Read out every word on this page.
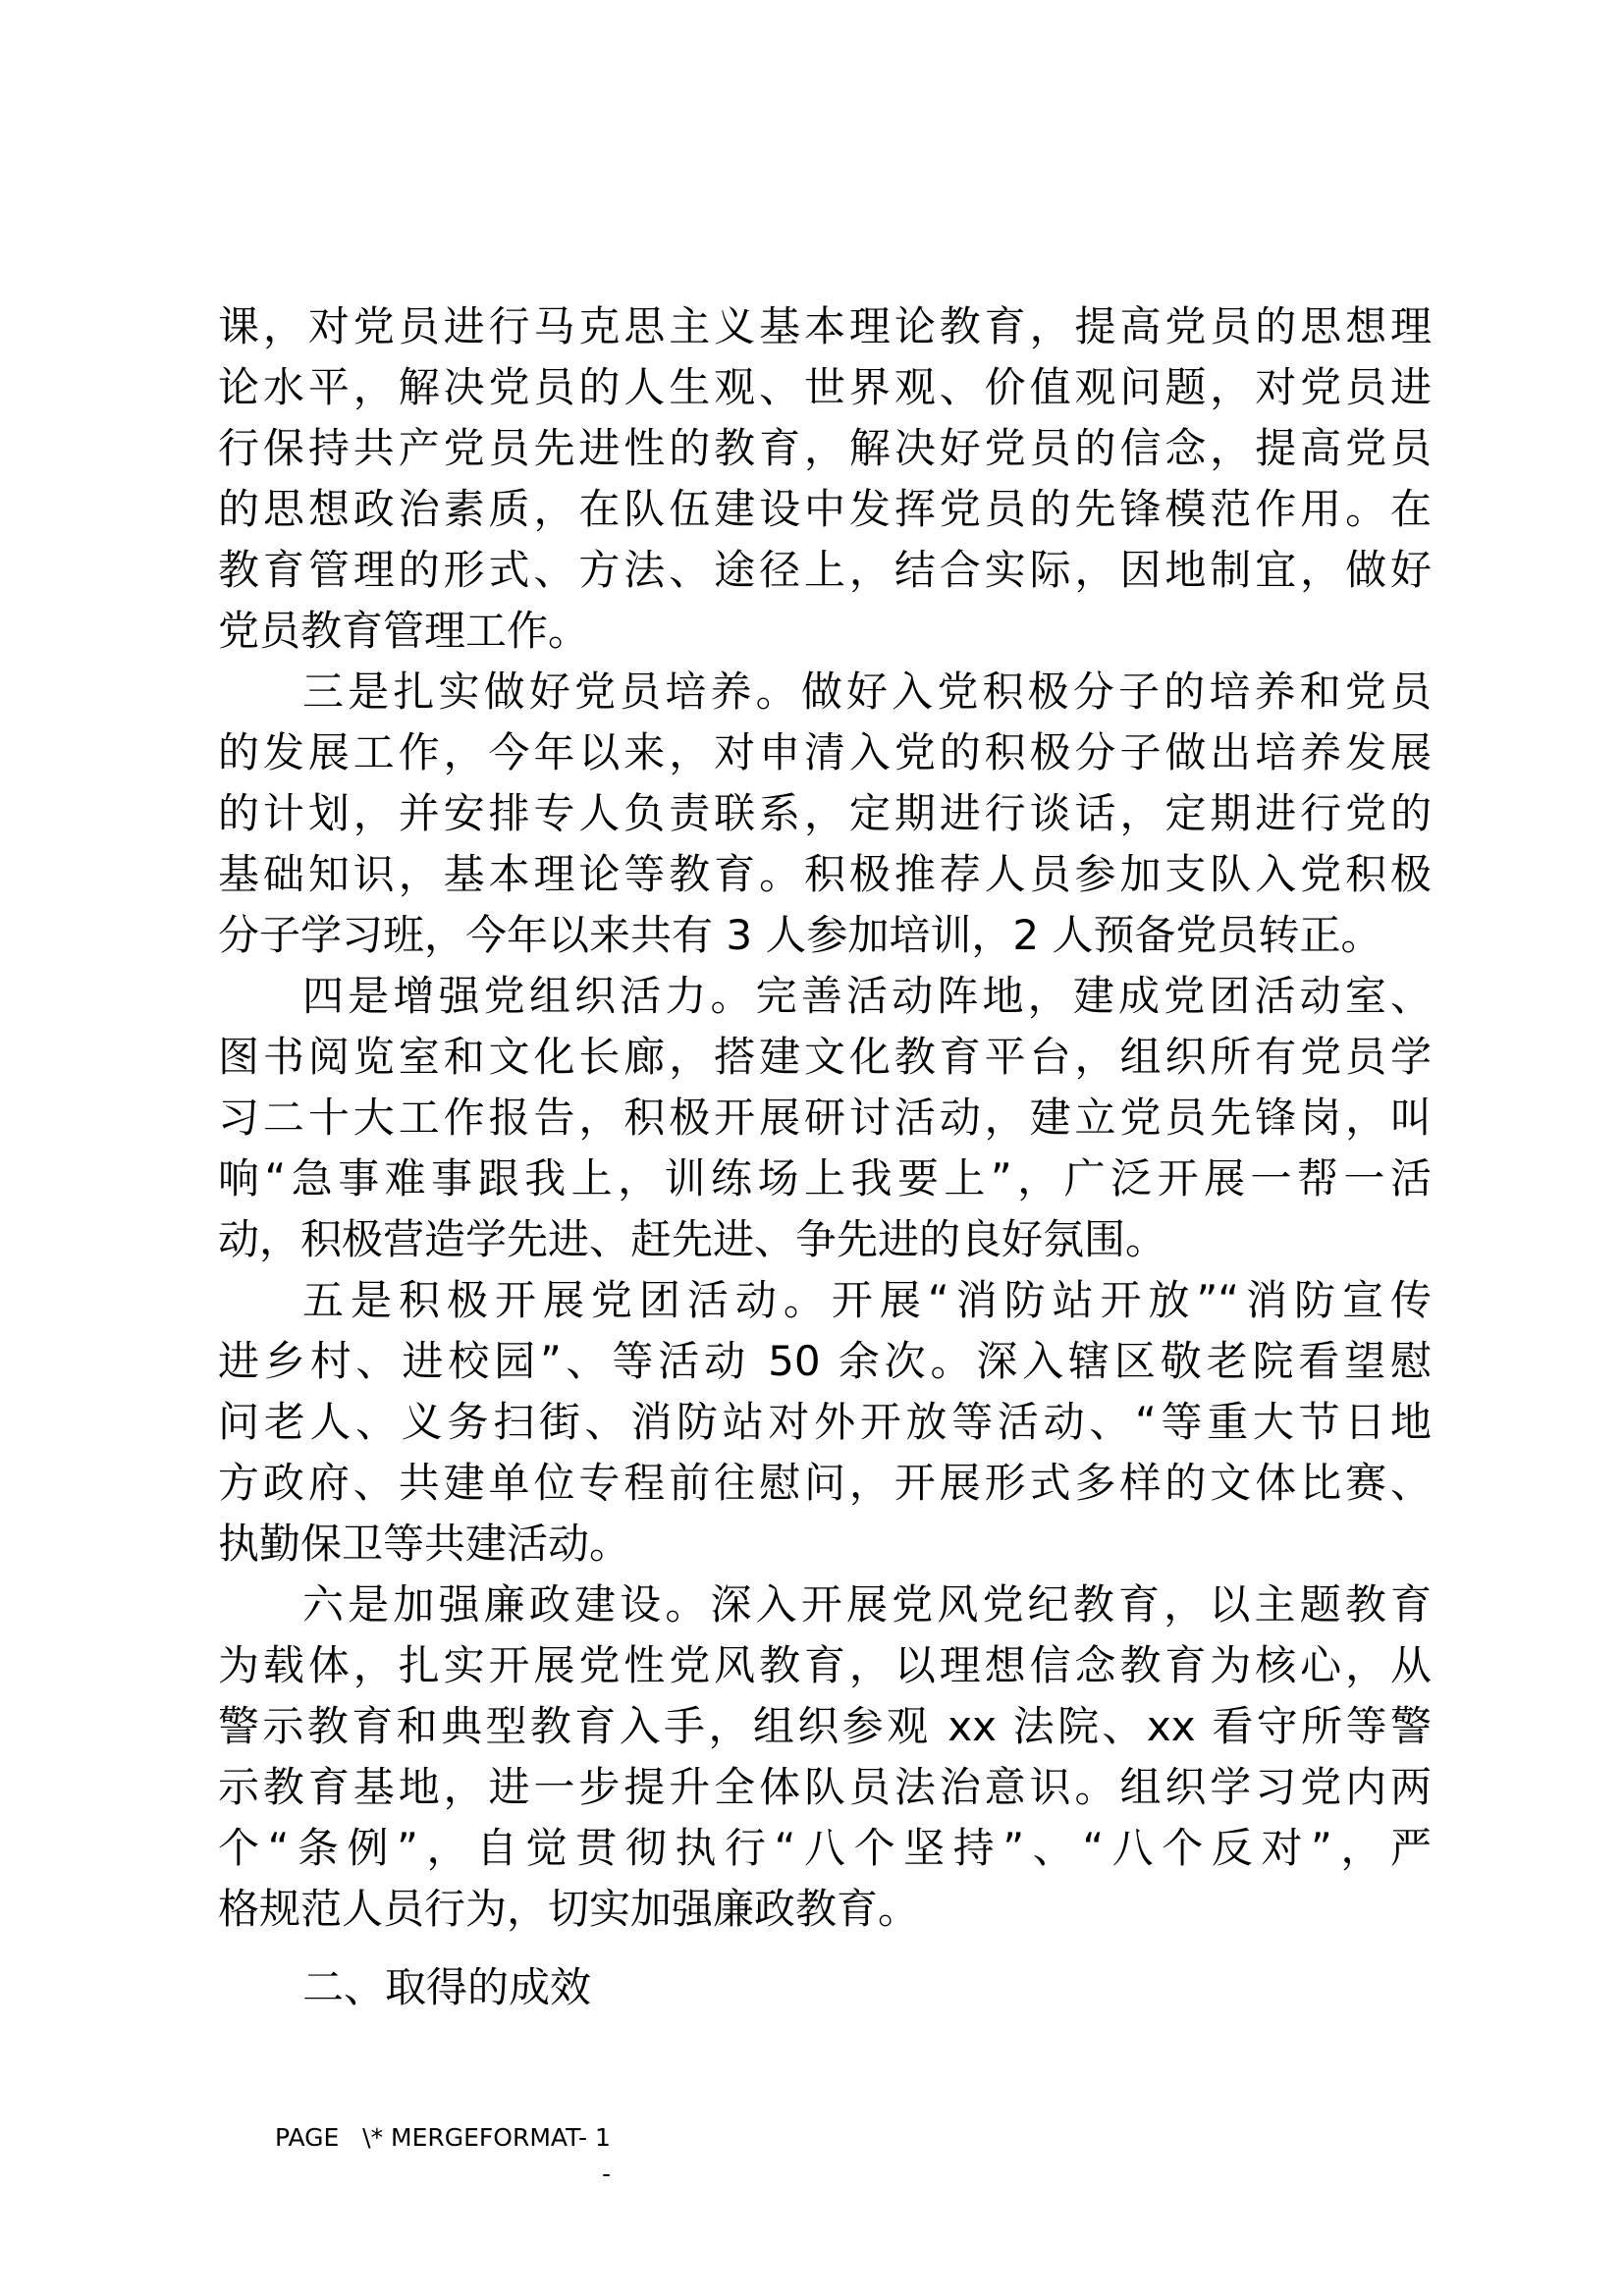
课，对党员进行马克思主义基本理论教育，提高党员的思想理
论水平，解决党员的人生观、世界观、价值观问题，对党员进
行保持共产党员先进性的教育，解决好党员的信念，提高党员
的思想政治素质，在队伍建设中发挥党员的先锋模范作用。在
教育管理的形式、方法、途径上，结合实际，因地制宜，做好
党员教育管理工作。
三是扎实做好党员培养。做好入党积极分子的培养和党员
的发展工作，今年以来，对申清入党的积极分子做出培养发展
的计划，并安排专人负责联系，定期进行谈话，定期进行党的
基础知识，基本理论等教育。积极推荐人员参加支队入党积极
分子学习班，今年以来共有 3 人参加培训，2 人预备党员转正。
四是增强党组织活力。完善活动阵地，建成党团活动室、
图书阅览室和文化长廊，搭建文化教育平台，组织所有党员学
习二十大工作报告，积极开展研讨活动，建立党员先锋岗，叫
响“急事难事跟我上，训练场上我要上”，广泛开展一帮一活
动，积极营造学先进、赶先进、争先进的良好氛围。
五是积极开展党团活动。开展“消防站开放”“消防宣传
进乡村、进校园”、等活动 50 余次。深入辖区敬老院看望慰
问老人、义务扫街、消防站对外开放等活动、“等重大节日地
方政府、共建单位专程前往慰问，开展形式多样的文体比赛、
执勤保卫等共建活动。
六是加强廉政建设。深入开展党风党纪教育，以主题教育
为载体，扎实开展党性党风教育，以理想信念教育为核心，从
警示教育和典型教育入手，组织参观 xx 法院、xx 看守所等警
示教育基地，进一步提升全体队员法治意识。组织学习党内两
个“条例”，自觉贯彻执行“八个坚持”、“八个反对”，严
格规范人员行为，切实加强廉政教育。
二、取得的成效
PAGE   \* MERGEFORMAT- 1
-
